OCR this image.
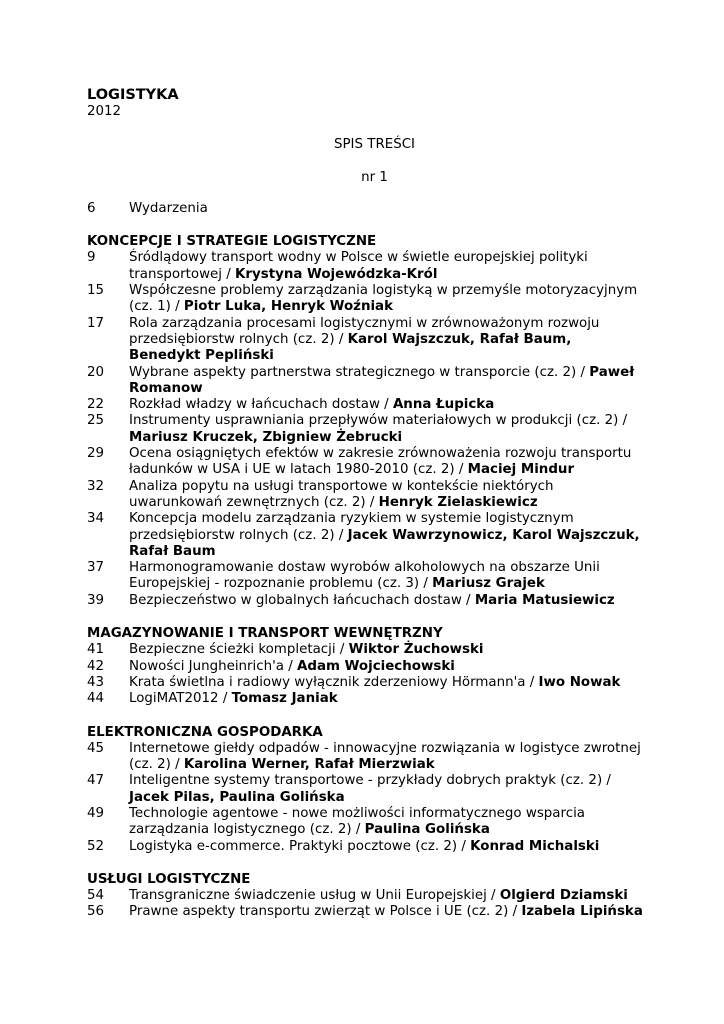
LOGISTYKA
2012
SPIS TREŚCI
nr 1
6	Wydarzenia
KONCEPCJE I STRATEGIE LOGISTYCZNE
9	Śródlądowy transport wodny w Polsce w świetle europejskiej polityki transportowej / Krystyna Wojewódzka-Król
15	Współczesne problemy zarządzania logistyką w przemyśle motoryzacyjnym (cz. 1) / Piotr Luka, Henryk Woźniak
17	Rola zarządzania procesami logistycznymi w zrównoważonym rozwoju przedsiębiorstw rolnych (cz. 2) / Karol Wajszczuk, Rafał Baum, Benedykt Pepliński
20	Wybrane aspekty partnerstwa strategicznego w transporcie (cz. 2) / Paweł Romanow
22	Rozkład władzy w łańcuchach dostaw / Anna Łupicka
25	Instrumenty usprawniania przepływów materiałowych w produkcji (cz. 2) / Mariusz Kruczek, Zbigniew Żebrucki
29	Ocena osiągniętych efektów w zakresie zrównoważenia rozwoju transportu ładunków w USA i UE w latach 1980-2010 (cz. 2) / Maciej Mindur
32	Analiza popytu na usługi transportowe w kontekście niektórych uwarunkowań zewnętrznych (cz. 2) / Henryk Zielaskiewicz
34	Koncepcja modelu zarządzania ryzykiem w systemie logistycznym przedsiębiorstw rolnych (cz. 2) / Jacek Wawrzynowicz, Karol Wajszczuk, Rafał Baum
37	Harmonogramowanie dostaw wyrobów alkoholowych na obszarze Unii Europejskiej - rozpoznanie problemu (cz. 3) / Mariusz Grajek
39	Bezpieczeństwo w globalnych łańcuchach dostaw / Maria Matusiewicz
MAGAZYNOWANIE I TRANSPORT WEWNĘTRZNY
41	Bezpieczne ścieżki kompletacji / Wiktor Żuchowski
42	Nowości Jungheinrich'a / Adam Wojciechowski
43	Krata świetlna i radiowy wyłącznik zderzeniowy Hörmann'a / Iwo Nowak
44	LogiMAT2012 / Tomasz Janiak
ELEKTRONICZNA GOSPODARKA
45	Internetowe giełdy odpadów - innowacyjne rozwiązania w logistyce zwrotnej (cz. 2) / Karolina Werner, Rafał Mierzwiak
47	Inteligentne systemy transportowe - przykłady dobrych praktyk (cz. 2) / Jacek Pilas, Paulina Golińska
49	Technologie agentowe - nowe możliwości informatycznego wsparcia zarządzania logistycznego (cz. 2) / Paulina Golińska
52	Logistyka e-commerce. Praktyki pocztowe (cz. 2) / Konrad Michalski
USŁUGI LOGISTYCZNE
54	Transgraniczne świadczenie usług w Unii Europejskiej / Olgierd Dziamski
56	Prawne aspekty transportu zwierząt w Polsce i UE (cz. 2) / Izabela Lipińska
